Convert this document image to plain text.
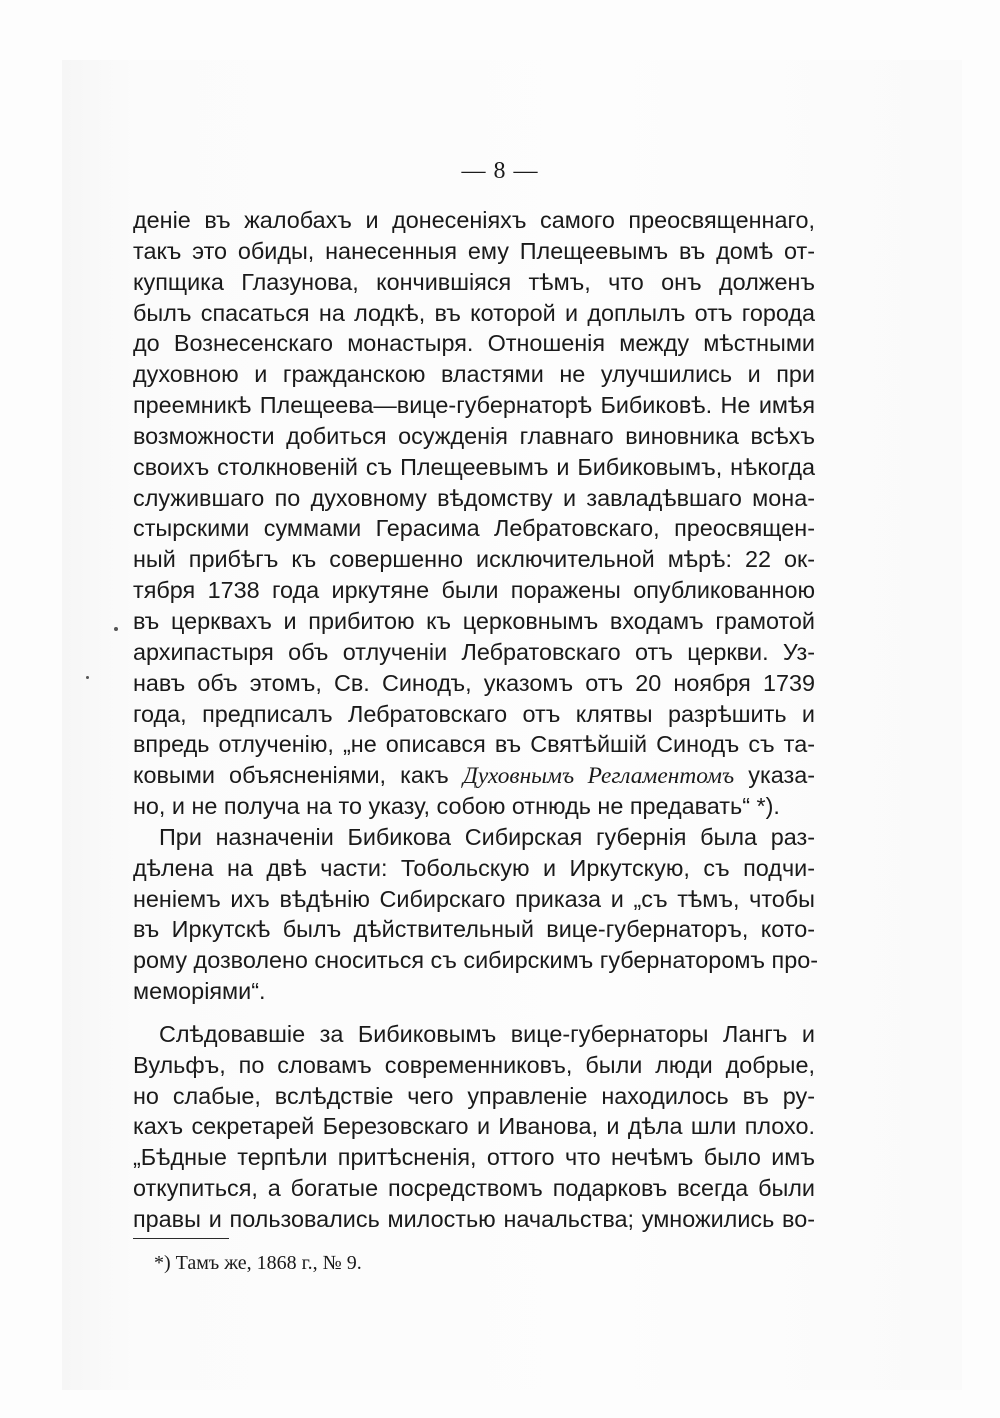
— 8 —
деніе въ жалобахъ и донесеніяхъ самого преосвященнаго,
такъ это обиды, нанесенныя ему Плещеевымъ въ домѣ от-
купщика Глазунова, кончившіяся тѣмъ, что онъ долженъ
былъ спасаться на лодкѣ, въ которой и доплылъ отъ города
до Вознесенскаго монастыря. Отношенія между мѣстными
духовною и гражданскою властями не улучшились и при
преемникѣ Плещеева—вице-губернаторѣ Бибиковѣ. Не имѣя
возможности добиться осужденія главнаго виновника всѣхъ
своихъ столкновеній съ Плещеевымъ и Бибиковымъ, нѣкогда
служившаго по духовному вѣдомству и завладѣвшаго мона-
стырскими суммами Герасима Лебратовскаго, преосвящен-
ный прибѣгъ къ совершенно исключительной мѣрѣ: 22 ок-
тября 1738 года иркутяне были поражены опубликованною
въ церквахъ и прибитою къ церковнымъ входамъ грамотой
архипастыря объ отлученіи Лебратовскаго отъ церкви. Уз-
навъ объ этомъ, Св. Синодъ, указомъ отъ 20 ноября 1739
года, предписалъ Лебратовскаго отъ клятвы разрѣшить и
впредь отлученію, „не описався въ Святѣйшій Синодъ съ та-
ковыми объясненіями, какъ Духовнымъ Регламентомъ указа-
но, и не получа на то указу, собою отнюдь не предавать“ *).
При назначеніи Бибикова Сибирская губернія была раз-
дѣлена на двѣ части: Тобольскую и Иркутскую, съ подчи-
неніемъ ихъ вѣдѣнію Сибирскаго приказа и „съ тѣмъ, чтобы
въ Иркутскѣ былъ дѣйствительный вице-губернаторъ, кото-
рому дозволено сноситься съ сибирскимъ губернаторомъ про-
меморіями“.
Слѣдовавшіе за Бибиковымъ вице-губернаторы Лангъ и
Вульфъ, по словамъ современниковъ, были люди добрые,
но слабые, вслѣдствіе чего управленіе находилось въ ру-
кахъ секретарей Березовскаго и Иванова, и дѣла шли плохо.
„Бѣдные терпѣли притѣсненія, оттого что нечѣмъ было имъ
откупиться, а богатые посредствомъ подарковъ всегда были
правы и пользовались милостью начальства; умножились во-
*) Тамъ же, 1868 г., № 9.
